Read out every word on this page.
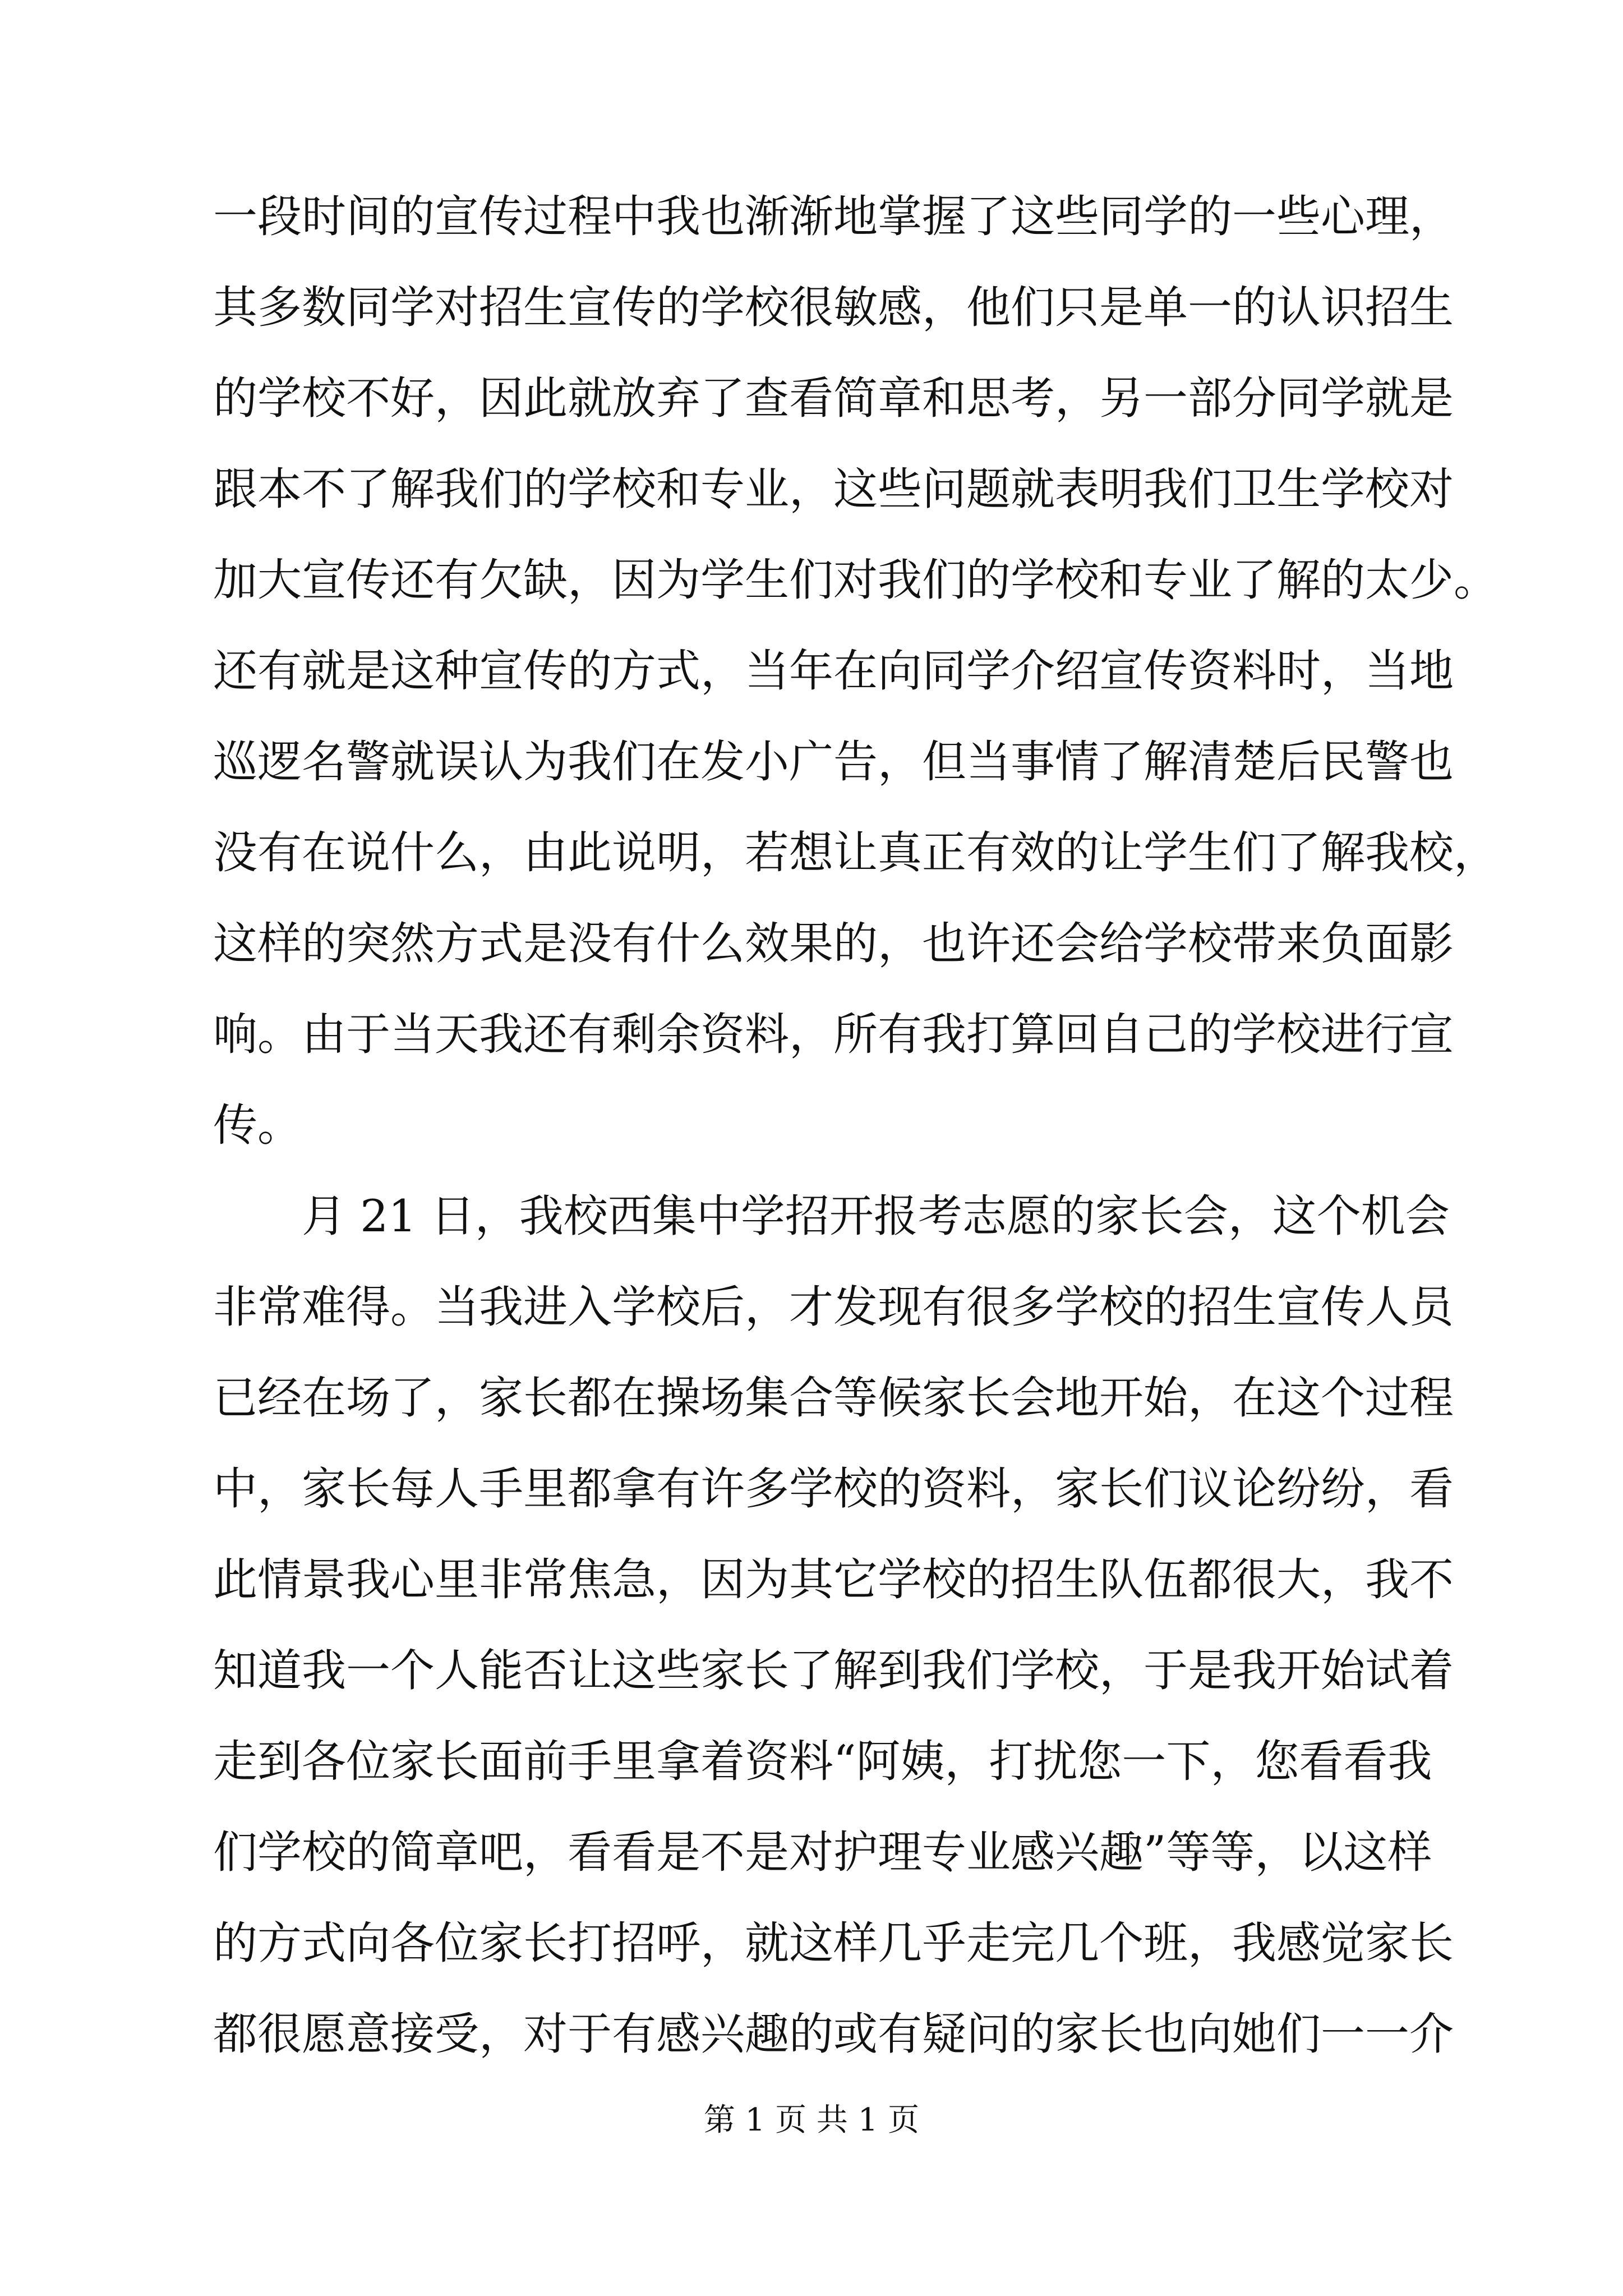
一段时间的宣传过程中我也渐渐地掌握了这些同学的一些心理，
其多数同学对招生宣传的学校很敏感，他们只是单一的认识招生
的学校不好，因此就放弃了查看简章和思考，另一部分同学就是
跟本不了解我们的学校和专业，这些问题就表明我们卫生学校对
加大宣传还有欠缺，因为学生们对我们的学校和专业了解的太少。
还有就是这种宣传的方式，当年在向同学介绍宣传资料时，当地
巡逻名警就误认为我们在发小广告，但当事情了解清楚后民警也
没有在说什么，由此说明，若想让真正有效的让学生们了解我校，
这样的突然方式是没有什么效果的，也许还会给学校带来负面影
响。由于当天我还有剩余资料，所有我打算回自己的学校进行宣
传。
　　月 21 日，我校西集中学招开报考志愿的家长会，这个机会
非常难得。当我进入学校后，才发现有很多学校的招生宣传人员
已经在场了，家长都在操场集合等候家长会地开始，在这个过程
中，家长每人手里都拿有许多学校的资料，家长们议论纷纷，看
此情景我心里非常焦急，因为其它学校的招生队伍都很大，我不
知道我一个人能否让这些家长了解到我们学校，于是我开始试着
走到各位家长面前手里拿着资料“阿姨，打扰您一下，您看看我
们学校的简章吧，看看是不是对护理专业感兴趣”等等，以这样
的方式向各位家长打招呼，就这样几乎走完几个班，我感觉家长
都很愿意接受，对于有感兴趣的或有疑问的家长也向她们一一介
第 1 页 共 1 页
